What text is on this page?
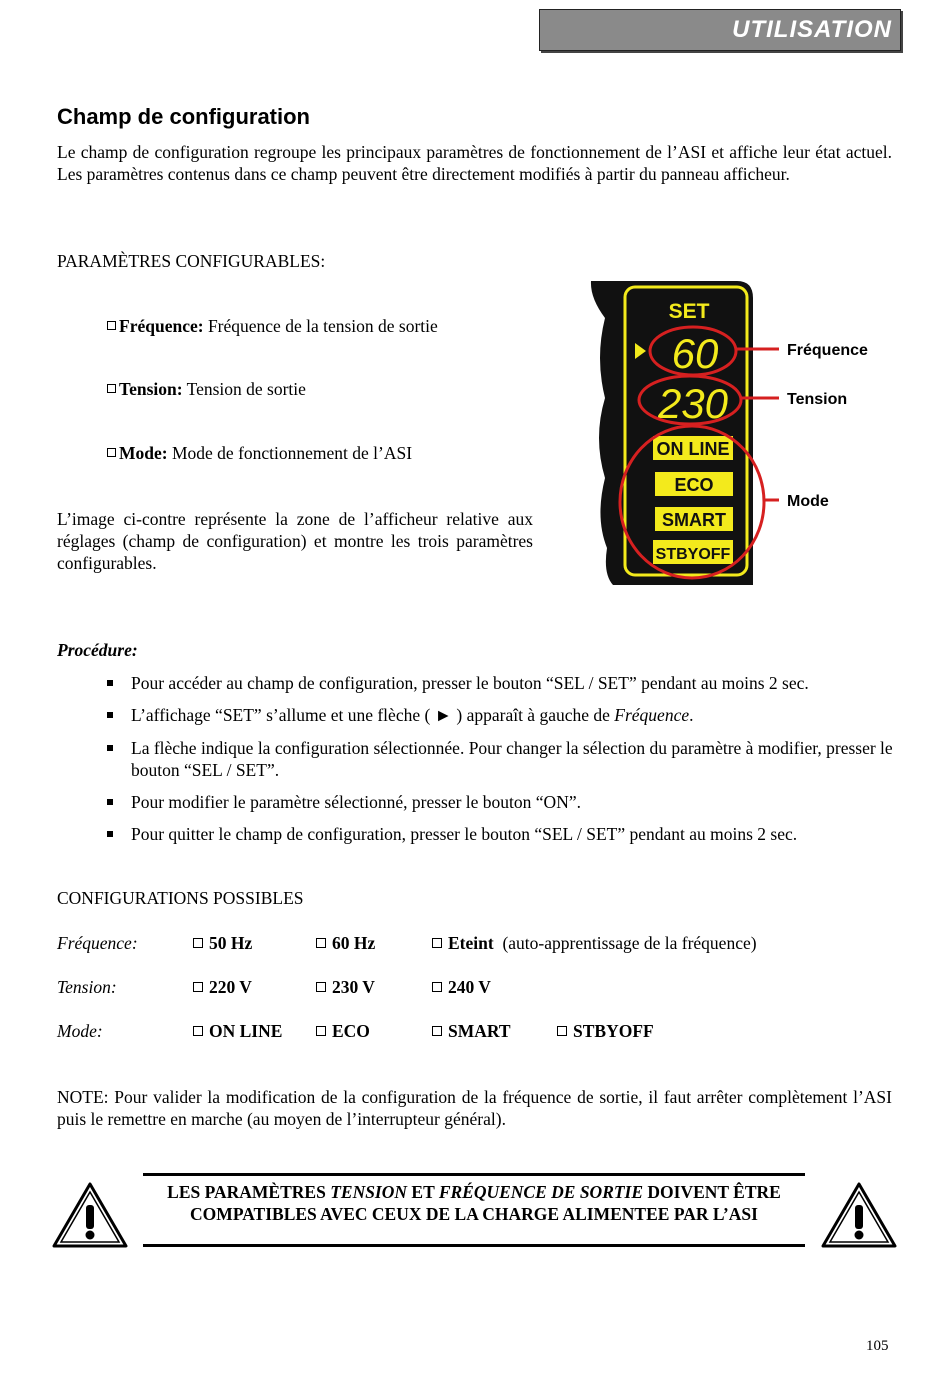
UTILISATION
Champ de configuration
Le champ de configuration regroupe les principaux paramètres de fonctionnement de l’ASI et affiche leur état actuel. Les paramètres contenus dans ce champ peuvent être directement modifiés à partir du panneau afficheur.
PARAMÈTRES CONFIGURABLES:
Fréquence: Fréquence de la tension de sortie
Tension: Tension de sortie
Mode: Mode de fonctionnement de l’ASI
L’image ci-contre représente la zone de l’afficheur relative aux réglages (champ de configuration) et montre les trois paramètres configurables.
SET
60
230
ON LINE
ECO
SMART
STBYOFF
Fréquence
Tension
Mode
Procédure:
Pour accéder au champ de configuration, presser le bouton “SEL / SET” pendant au moins 2 sec.
L’affichage “SET” s’allume et une flèche ( ► ) apparaît à gauche de Fréquence.
La flèche indique la configuration sélectionnée. Pour changer la sélection du paramètre à modifier, presser le bouton “SEL / SET”.
Pour modifier le paramètre sélectionné, presser le bouton “ON”.
Pour quitter le champ de configuration, presser le bouton “SEL / SET” pendant au moins 2 sec.
CONFIGURATIONS POSSIBLES
Fréquence:	50 Hz	60 Hz	Eteint (auto-apprentissage de la fréquence)
Tension:	220 V	230 V	240 V
Mode:	ON LINE	ECO	SMART	STBYOFF
NOTE: Pour valider la modification de la configuration de la fréquence de sortie, il faut arrêter complètement l’ASI puis le remettre en marche (au moyen de l’interrupteur général).
LES PARAMÈTRES TENSION ET FRÉQUENCE DE SORTIE DOIVENT ÊTRE COMPATIBLES AVEC CEUX DE LA CHARGE ALIMENTEE PAR L’ASI
105
